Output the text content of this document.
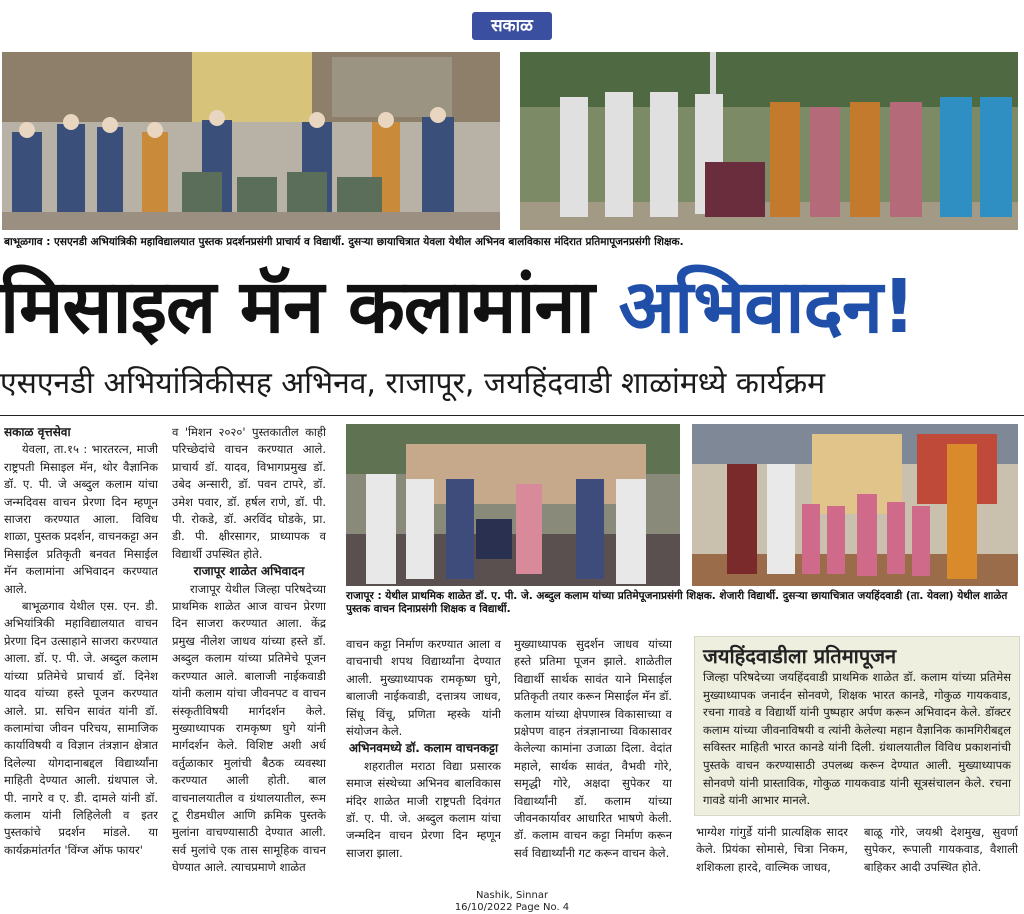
सकाळ
बाभूळगाव : एसएनडी अभियांत्रिकी महाविद्यालयात पुस्तक प्रदर्शनप्रसंगी प्राचार्य व विद्यार्थी. दुसऱ्या छायाचित्रात येवला येथील अभिनव बालविकास मंदिरात प्रतिमापूजनप्रसंगी शिक्षक.
मिसाइल मॅन कलामांना अभिवादन!
एसएनडी अभियांत्रिकीसह अभिनव, राजापूर, जयहिंदवाडी शाळांमध्ये कार्यक्रम

सकाळ वृत्तसेवा

येवला, ता.१५ : भारतरत्न, माजी राष्ट्रपती मिसाइल मॅन, थोर वैज्ञानिक डॉ. ए. पी. जे अब्दुल कलाम यांचा जन्मदिवस वाचन प्रेरणा दिन म्हणून साजरा करण्यात आला. विविध शाळा, पुस्तक प्रदर्शन, वाचनकट्टा अन मिसाईल प्रतिकृती बनवत मिसाईल मॅन कलामांना अभिवादन करण्यात आले.

बाभूळगाव येथील एस. एन. डी. अभियांत्रिकी महाविद्यालयात वाचन प्रेरणा दिन उत्साहाने साजरा करण्यात आला. डॉ. ए. पी. जे. अब्दुल कलाम यांच्या प्रतिमेचे प्राचार्य डॉ. दिनेश यादव यांच्या हस्ते पूजन करण्यात आले. प्रा. सचिन सावंत यांनी डॉ. कलामांचा जीवन परिचय, सामाजिक कार्याविषयी व विज्ञान तंत्रज्ञान क्षेत्रात दिलेल्या योगदानाबद्दल विद्यार्थ्यांना माहिती देण्यात आली. ग्रंथपाल जे. पी. नागरे व ए. डी. दामले यांनी डॉ. कलाम यांनी लिहिलेली व इतर पुस्तकांचे प्रदर्शन मांडले. या कार्यक्रमांतर्गत 'विंग्ज ऑफ फायर'

व 'मिशन २०२०' पुस्तकातील काही परिच्छेदांचे वाचन करण्यात आले. प्राचार्य डॉ. यादव, विभागप्रमुख डॉ. उबेद अन्सारी, डॉ. पवन टापरे, डॉ. उमेश पवार, डॉ. हर्षल राणे, डॉ. पी. पी. रोकडे, डॉ. अरविंद घोडके, प्रा. डी. पी. क्षीरसागर, प्राध्यापक व विद्यार्थी उपस्थित होते.

राजापूर शाळेत अभिवादन

राजापूर येथील जिल्हा परिषदेच्या प्राथमिक शाळेत आज वाचन प्रेरणा दिन साजरा करण्यात आला. केंद्र प्रमुख नीलेश जाधव यांच्या हस्ते डॉ. अब्दुल कलाम यांच्या प्रतिमेचे पूजन करण्यात आले. बालाजी नाईकवाडी यांनी कलाम यांचा जीवनपट व वाचन संस्कृतीविषयी मार्गदर्शन केले. मुख्याध्यापक रामकृष्ण घुगे यांनी मार्गदर्शन केले. विशिष्ट अशी अर्ध वर्तुळाकार मुलांची बैठक व्यवस्था करण्यात आली होती. बाल वाचनालयातील व ग्रंथालयातील, रूम टू रीडमधील आणि क्रमिक पुस्तके मुलांना वाचण्यासाठी देण्यात आली. सर्व मुलांचे एक तास सामूहिक वाचन घेण्यात आले. त्याचप्रमाणे शाळेत

राजापूर : येथील प्राथमिक शाळेत डॉ. ए. पी. जे. अब्दुल कलाम यांच्या प्रतिमेपूजनाप्रसंगी शिक्षक. शेजारी विद्यार्थी. दुसऱ्या छायाचित्रात जयहिंदवाडी (ता. येवला) येथील शाळेत पुस्तक वाचन दिनाप्रसंगी शिक्षक व विद्यार्थी.

वाचन कट्टा निर्माण करण्यात आला व वाचनाची शपथ विद्यार्थ्यांना देण्यात आली. मुख्याध्यापक रामकृष्ण घुगे, बालाजी नाईकवाडी, दत्तात्रय जाधव, सिंधू विंचू, प्रणिता म्हस्के यांनी संयोजन केले.

अभिनवमध्ये डॉ. कलाम वाचनकट्टा

शहरातील मराठा विद्या प्रसारक समाज संस्थेच्या अभिनव बालविकास मंदिर शाळेत माजी राष्ट्रपती दिवंगत डॉ. ए. पी. जे. अब्दुल कलाम यांचा जन्मदिन वाचन प्रेरणा दिन म्हणून साजरा झाला.

मुख्याध्यापक सुदर्शन जाधव यांच्या हस्ते प्रतिमा पूजन झाले. शाळेतील विद्यार्थी सार्थक सावंत याने मिसाईल प्रतिकृती तयार करून मिसाईल मॅन डॉ. कलाम यांच्या क्षेपणास्त्र विकासाच्या व प्रक्षेपण वाहन तंत्रज्ञानाच्या विकासावर केलेल्या कामांना उजाळा दिला. वेदांत महाले, सार्थक सावंत, वैभवी गोरे, समृद्धी गोरे, अक्षदा सुपेकर या विद्यार्थ्यांनी डॉ. कलाम यांच्या जीवनकार्यावर आधारित भाषणे केली. डॉ. कलाम वाचन कट्टा निर्माण करून सर्व विद्यार्थ्यांनी गट करून वाचन केले.

जयहिंदवाडीला प्रतिमापूजन
जिल्हा परिषदेच्या जयहिंदवाडी प्राथमिक शाळेत डॉ. कलाम यांच्या प्रतिमेस मुख्याध्यापक जनार्दन सोनवणे, शिक्षक भारत कानडे, गोकुळ गायकवाड, रचना गावडे व विद्यार्थी यांनी पुष्पहार अर्पण करून अभिवादन केले. डॉक्टर कलाम यांच्या जीवनाविषयी व त्यांनी केलेल्या महान वैज्ञानिक कामगिरीबद्दल सविस्तर माहिती भारत कानडे यांनी दिली. ग्रंथालयातील विविध प्रकाशनांची पुस्तके वाचन करण्यासाठी उपलब्ध करून देण्यात आली. मुख्याध्यापक सोनवणे यांनी प्रास्ताविक, गोकुळ गायकवाड यांनी सूत्रसंचालन केले. रचना गावडे यांनी आभार मानले.

भाग्येश गांगुर्डे यांनी प्रात्यक्षिक सादर केले. प्रियंका सोमासे, चित्रा निकम, शशिकला हारदे, वाल्मिक जाधव,

बाळू गोरे, जयश्री देशमुख, सुवर्णा सुपेकर, रूपाली गायकवाड, वैशाली बाहिकर आदी उपस्थित होते.

Nashik, Sinnar
16/10/2022 Page No. 4
